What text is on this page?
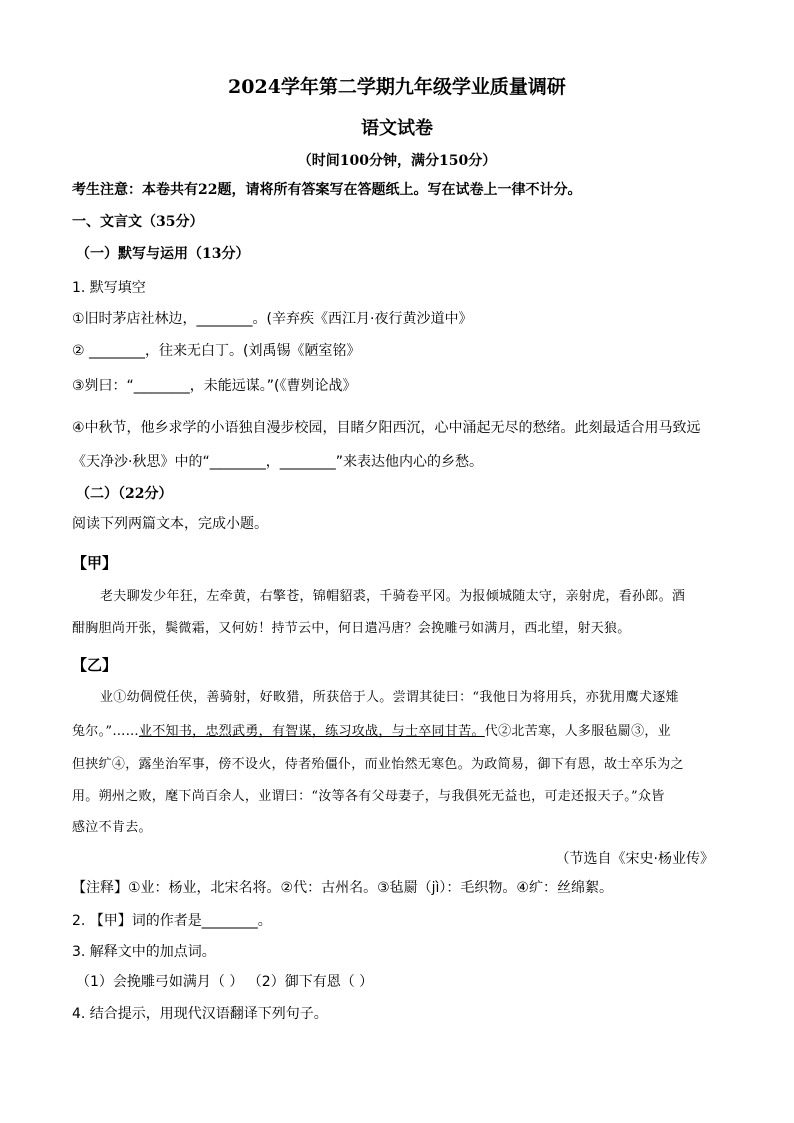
2024学年第二学期九年级学业质量调研
语文试卷
（时间100分钟，满分150分）
考生注意：本卷共有22题，请将所有答案写在答题纸上。写在试卷上一律不计分。
一、文言文（35分）
（一）默写与运用（13分）
1. 默写填空
①旧时茅店社林边，________。(辛弃疾《西江月·夜行黄沙道中》
② ________，往来无白丁。(刘禹锡《陋室铭》
③刿曰：“________，未能远谋。”(《曹刿论战》
④中秋节，他乡求学的小语独自漫步校园，目睹夕阳西沉，心中涌起无尽的愁绪。此刻最适合用马致远
《天净沙·秋思》中的“________，________”来表达他内心的乡愁。
（二）（22分）
阅读下列两篇文本，完成小题。
【甲】
老夫聊发少年狂，左牵黄，右擎苍，锦帽貂裘，千骑卷平冈。为报倾城随太守，亲射虎，看孙郎。酒
酣胸胆尚开张，鬓微霜，又何妨！持节云中，何日遣冯唐？会挽雕弓如满月，西北望，射天狼。
【乙】
业①幼倜傥任侠，善骑射，好畋猎，所获倍于人。尝谓其徒曰：“我他日为将用兵，亦犹用鹰犬逐雉
兔尔。”……业不知书，忠烈武勇，有智谋，练习攻战，与士卒同甘苦。代②北苦寒，人多服毡罽③，业
但挟纩④，露坐治军事，傍不设火，侍者殆僵仆，而业怡然无寒色。为政简易，御下有恩，故士卒乐为之
用。朔州之败，麾下尚百余人，业谓曰：“汝等各有父母妻子，与我俱死无益也，可走还报天子。”众皆
感泣不肯去。
（节选自《宋史·杨业传》
【注释】①业：杨业，北宋名将。②代：古州名。③毡罽（jì）：毛织物。④纩：丝绵絮。
2. 【甲】词的作者是________。
3. 解释文中的加点词。
（1）会挽雕弓如满月（ ） （2）御下有恩（ ）
4. 结合提示，用现代汉语翻译下列句子。
